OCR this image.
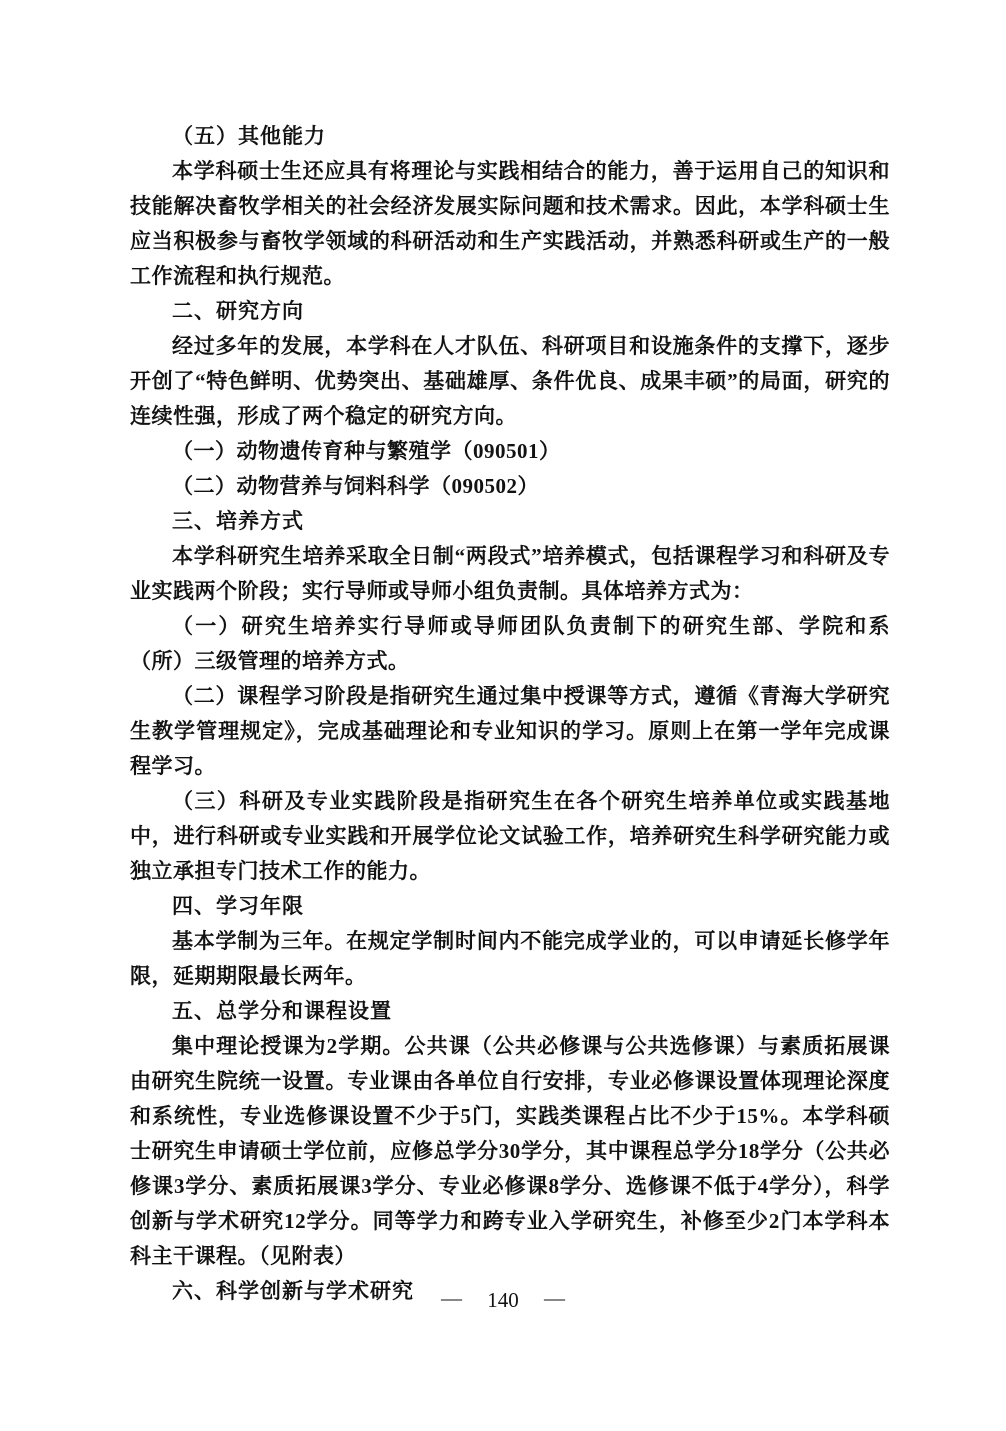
（五）其他能力

本学科硕士生还应具有将理论与实践相结合的能力，善于运用自己的知识和技能解决畜牧学相关的社会经济发展实际问题和技术需求。因此，本学科硕士生应当积极参与畜牧学领域的科研活动和生产实践活动，并熟悉科研或生产的一般工作流程和执行规范。

二、研究方向

经过多年的发展，本学科在人才队伍、科研项目和设施条件的支撑下，逐步开创了“特色鲜明、优势突出、基础雄厚、条件优良、成果丰硕”的局面，研究的连续性强，形成了两个稳定的研究方向。

（一）动物遗传育种与繁殖学（090501）

（二）动物营养与饲料科学（090502）

三、培养方式

本学科研究生培养采取全日制“两段式”培养模式，包括课程学习和科研及专业实践两个阶段；实行导师或导师小组负责制。具体培养方式为：

（一）研究生培养实行导师或导师团队负责制下的研究生部、学院和系（所）三级管理的培养方式。

（二）课程学习阶段是指研究生通过集中授课等方式，遵循《青海大学研究生教学管理规定》，完成基础理论和专业知识的学习。原则上在第一学年完成课程学习。

（三）科研及专业实践阶段是指研究生在各个研究生培养单位或实践基地中，进行科研或专业实践和开展学位论文试验工作，培养研究生科学研究能力或独立承担专门技术工作的能力。

四、学习年限

基本学制为三年。在规定学制时间内不能完成学业的，可以申请延长修学年限，延期期限最长两年。

五、总学分和课程设置

集中理论授课为2学期。公共课（公共必修课与公共选修课）与素质拓展课由研究生院统一设置。专业课由各单位自行安排，专业必修课设置体现理论深度和系统性，专业选修课设置不少于5门，实践类课程占比不少于15%。本学科硕士研究生申请硕士学位前，应修总学分30学分，其中课程总学分18学分（公共必修课3学分、素质拓展课3学分、专业必修课8学分、选修课不低于4学分），科学创新与学术研究12学分。同等学力和跨专业入学研究生，补修至少2门本学科本科主干课程。（见附表）

六、科学创新与学术研究	— 140 —
